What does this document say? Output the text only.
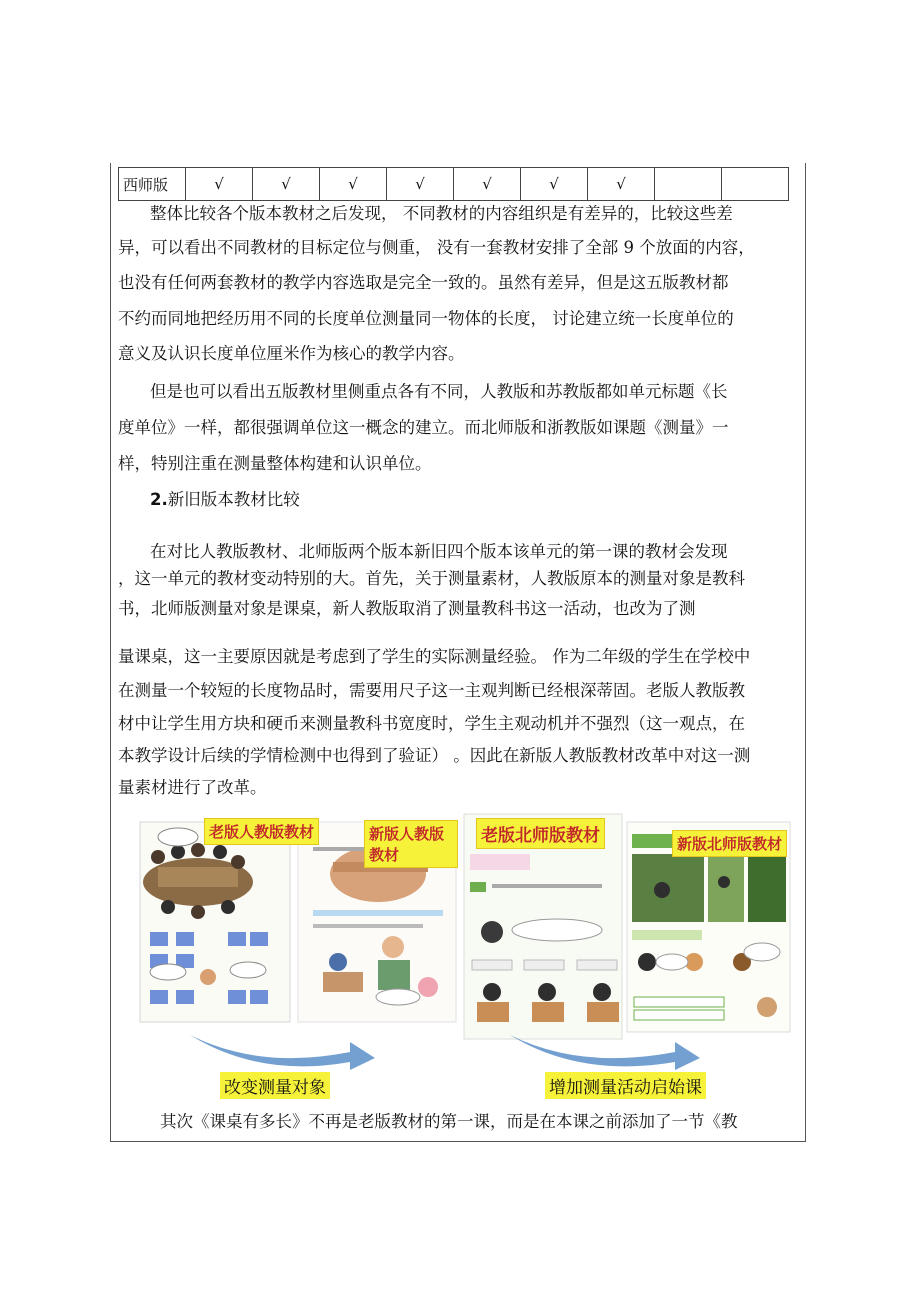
西师版	√	√	√	√	√	√	√		
整体比较各个版本教材之后发现， 不同教材的内容组织是有差异的，比较这些差
异，可以看出不同教材的目标定位与侧重， 没有一套教材安排了全部 9 个放面的内容，
也没有任何两套教材的教学内容选取是完全一致的。虽然有差异，但是这五版教材都
不约而同地把经历用不同的长度单位测量同一物体的长度， 讨论建立统一长度单位的
意义及认识长度单位厘米作为核心的教学内容。
但是也可以看出五版教材里侧重点各有不同，人教版和苏教版都如单元标题《长
度单位》一样，都很强调单位这一概念的建立。而北师版和浙教版如课题《测量》一
样，特别注重在测量整体构建和认识单位。
2.新旧版本教材比较
在对比人教版教材、北师版两个版本新旧四个版本该单元的第一课的教材会发现
，这一单元的教材变动特别的大。首先，关于测量素材，人教版原本的测量对象是教科
书，北师版测量对象是课桌，新人教版取消了测量教科书这一活动，也改为了测
量课桌，这一主要原因就是考虑到了学生的实际测量经验。 作为二年级的学生在学校中
在测量一个较短的长度物品时，需要用尺子这一主观判断已经根深蒂固。老版人教版教
材中让学生用方块和硬币来测量教科书宽度时，学生主观动机并不强烈（这一观点，在
本教学设计后续的学情检测中也得到了验证） 。因此在新版人教版教材改革中对这一测
量素材进行了改革。
老版人教版教材	新版人教版教材
老版北师版教材	新版北师版教材
改变测量对象	增加测量活动启始课
其次《课桌有多长》不再是老版教材的第一课，而是在本课之前添加了一节《教
